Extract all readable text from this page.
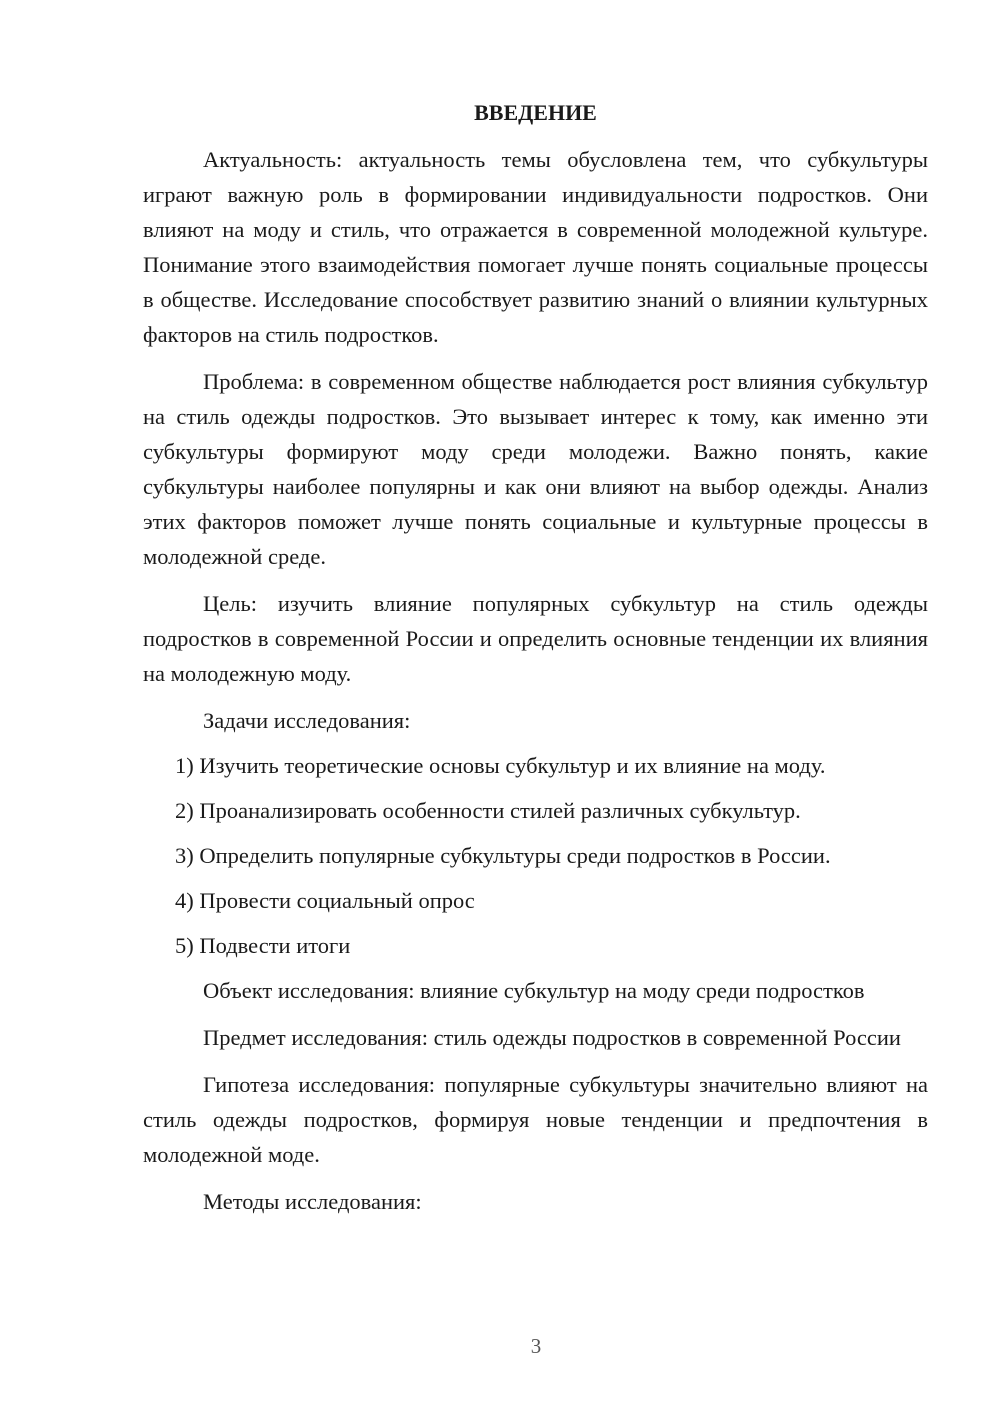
ВВЕДЕНИЕ

Актуальность: актуальность темы обусловлена тем, что субкультуры играют важную роль в формировании индивидуальности подростков. Они влияют на моду и стиль, что отражается в современной молодежной культуре. Понимание этого взаимодействия помогает лучше понять социальные процессы в обществе. Исследование способствует развитию знаний о влиянии культурных факторов на стиль подростков.

Проблема: в современном обществе наблюдается рост влияния субкультур на стиль одежды подростков. Это вызывает интерес к тому, как именно эти субкультуры формируют моду среди молодежи. Важно понять, какие субкультуры наиболее популярны и как они влияют на выбор одежды. Анализ этих факторов поможет лучше понять социальные и культурные процессы в молодежной среде.

Цель: изучить влияние популярных субкультур на стиль одежды подростков в современной России и определить основные тенденции их влияния на молодежную моду.

Задачи исследования:

1) Изучить теоретические основы субкультур и их влияние на моду.
2) Проанализировать особенности стилей различных субкультур.
3) Определить популярные субкультуры среди подростков в России.
4) Провести социальный опрос
5) Подвести итоги

Объект исследования: влияние субкультур на моду среди подростков

Предмет исследования: стиль одежды подростков в современной России

Гипотеза исследования: популярные субкультуры значительно влияют на стиль одежды подростков, формируя новые тенденции и предпочтения в молодежной моде.

Методы исследования:

3
